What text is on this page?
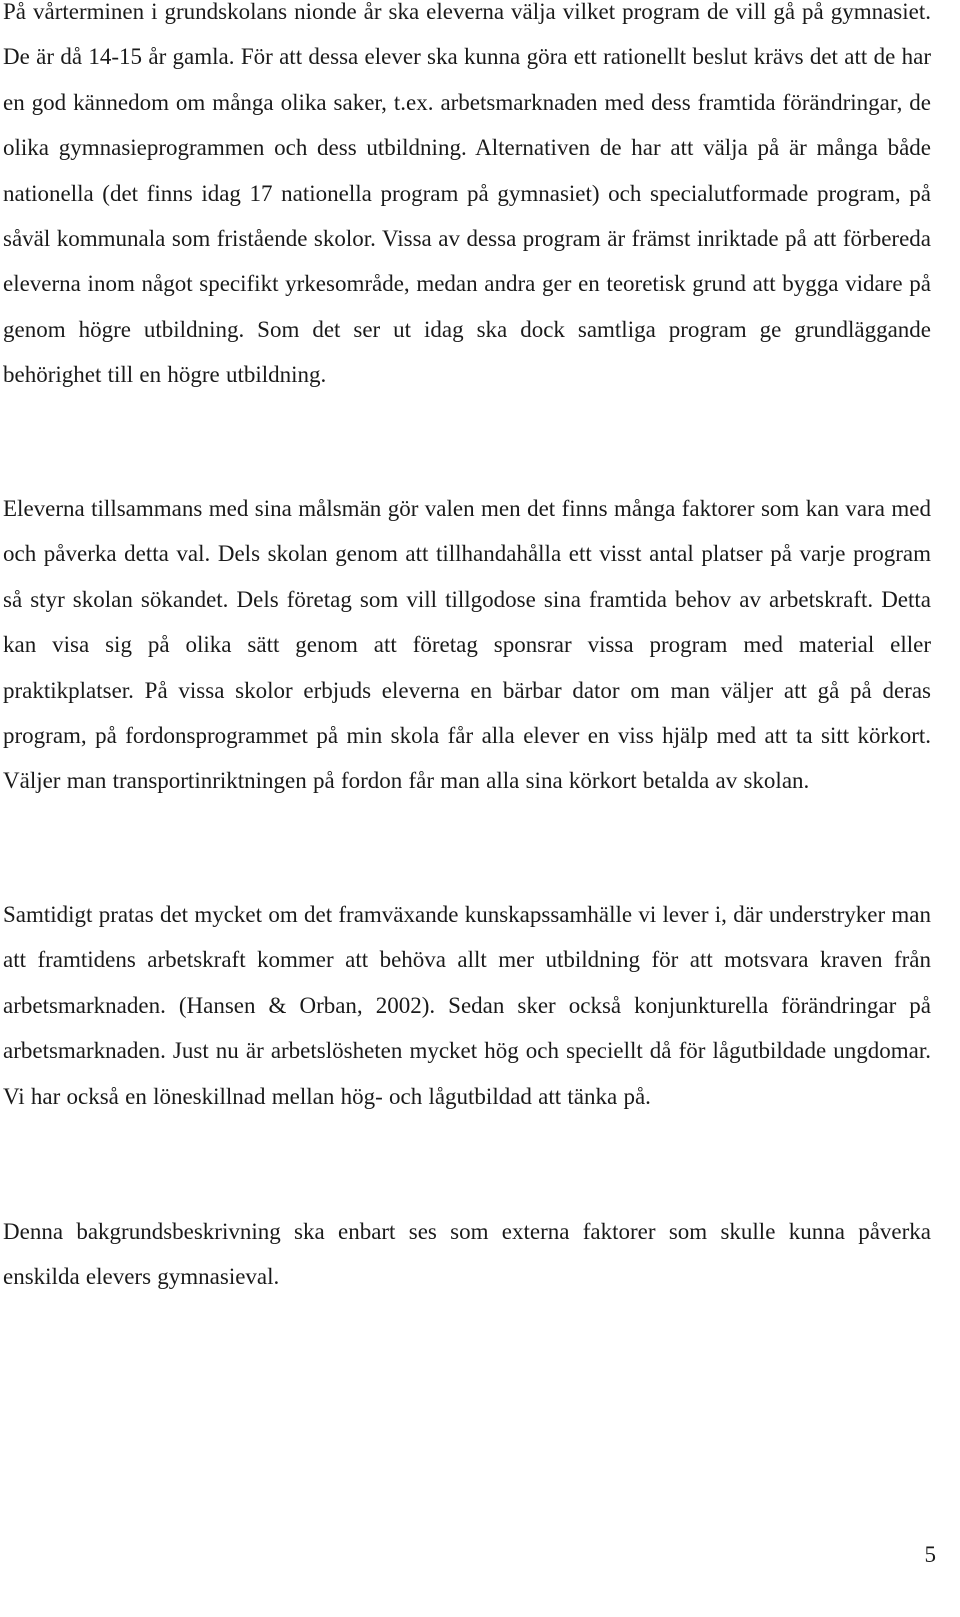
På vårterminen i grundskolans nionde år ska eleverna välja vilket program de vill gå på gymnasiet. De är då 14-15 år gamla. För att dessa elever ska kunna göra ett rationellt beslut krävs det att de har en god kännedom om många olika saker, t.ex. arbetsmarknaden med dess framtida förändringar, de olika gymnasieprogrammen och dess utbildning. Alternativen de har att välja på är många både nationella (det finns idag 17 nationella program på gymnasiet) och specialutformade program, på såväl kommunala som fristående skolor. Vissa av dessa program är främst inriktade på att förbereda eleverna inom något specifikt yrkesområde, medan andra ger en teoretisk grund att bygga vidare på genom högre utbildning. Som det ser ut idag ska dock samtliga program ge grundläggande behörighet till en högre utbildning.

Eleverna tillsammans med sina målsmän gör valen men det finns många faktorer som kan vara med och påverka detta val. Dels skolan genom att tillhandahålla ett visst antal platser på varje program så styr skolan sökandet. Dels företag som vill tillgodose sina framtida behov av arbetskraft. Detta kan visa sig på olika sätt genom att företag sponsrar vissa program med material eller praktikplatser. På vissa skolor erbjuds eleverna en bärbar dator om man väljer att gå på deras program, på fordonsprogrammet på min skola får alla elever en viss hjälp med att ta sitt körkort. Väljer man transportinriktningen på fordon får man alla sina körkort betalda av skolan.

Samtidigt pratas det mycket om det framväxande kunskapssamhälle vi lever i, där understryker man att framtidens arbetskraft kommer att behöva allt mer utbildning för att motsvara kraven från arbetsmarknaden. (Hansen & Orban, 2002). Sedan sker också konjunkturella förändringar på arbetsmarknaden. Just nu är arbetslösheten mycket hög och speciellt då för lågutbildade ungdomar. Vi har också en löneskillnad mellan hög- och lågutbildad att tänka på.

Denna bakgrundsbeskrivning ska enbart ses som externa faktorer som skulle kunna påverka enskilda elevers gymnasieval.

5
